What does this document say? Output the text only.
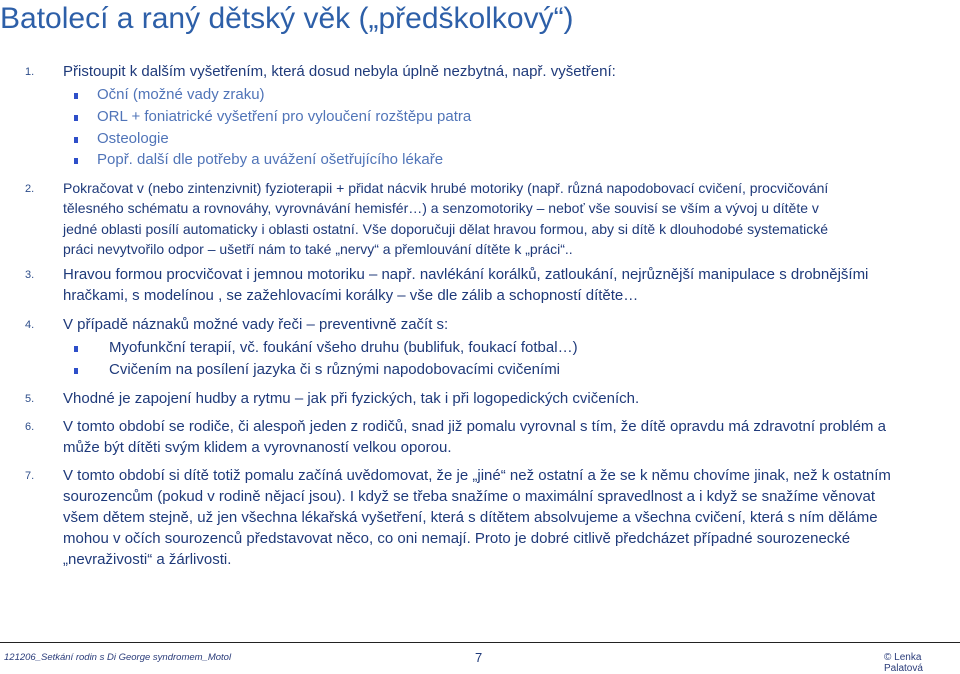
Batolecí a raný dětský věk („předškolkový“)
1. Přistoupit k dalším vyšetřením, která dosud nebyla úplně nezbytná, např. vyšetření:
Oční (možné vady zraku)
ORL + foniatrické vyšetření pro vyloučení rozštěpu patra
Osteologie
Popř. další dle potřeby a uvážení ošetřujícího lékaře
2. Pokračovat v (nebo zintenzivnit) fyzioterapii + přidat nácvik hrubé motoriky (např. různá napodobovací cvičení, procvičování
tělesného schématu a rovnováhy, vyrovnávání hemisfér…) a senzomotoriky – neboť vše souvisí se vším a vývoj u dítěte v
jedné oblasti posílí automaticky i oblasti ostatní. Vše doporučuji dělat hravou formou, aby si dítě k dlouhodobé systematické
práci nevytvořilo odpor – ušetří nám to také „nervy“ a přemlouvání dítěte k „práci“..
3. Hravou formou procvičovat i jemnou motoriku – např. navlékání korálků, zatloukání, nejrůznější manipulace s drobnějšími
hračkami, s modelínou , se zažehlovacími korálky – vše dle zálib a schopností dítěte…
4. V případě náznaků možné vady řeči – preventivně začít s:
Myofunkční terapií, vč. foukání všeho druhu (bublifuk, foukací fotbal…)
Cvičením na posílení jazyka či s různými napodobovacími cvičeními
5. Vhodné je zapojení hudby a rytmu – jak při fyzických, tak i při logopedických cvičeních.
6. V tomto období se rodiče, či alespoň jeden z rodičů, snad již pomalu vyrovnal s tím, že dítě opravdu má zdravotní problém a
může být dítěti svým klidem a vyrovnaností velkou oporou.
7. V tomto období si dítě totiž pomalu začíná uvědomovat, že je „jiné“ než ostatní a že se k němu chovíme jinak, než k ostatním
sourozencům (pokud v rodině nějací jsou). I když se třeba snažíme o maximální spravedlnost a i když se snažíme věnovat
všem dětem stejně, už jen všechna lékařská vyšetření, která s dítětem absolvujeme a všechna cvičení, která s ním děláme
mohou v očích sourozenců představovat něco, co oni nemají. Proto je dobré citlivě předcházet případné sourozenecké
„nevraživosti“ a žárlivosti.
121206_Setkání rodin s Di George syndromem_Motol	7	© Lenka Palatová
